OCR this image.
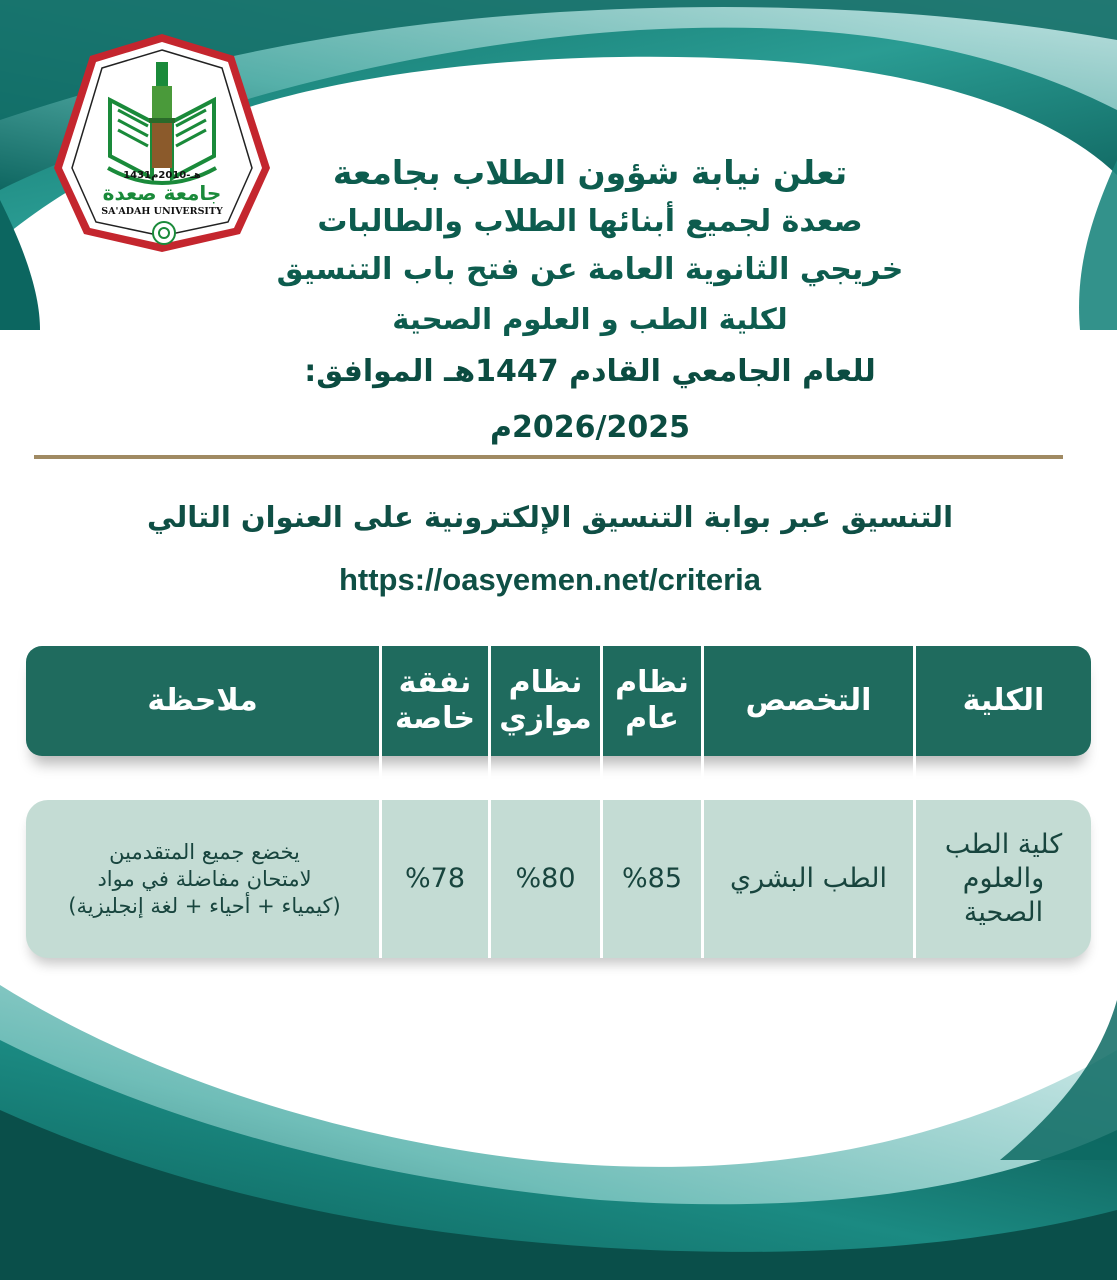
1431هـ-2010م
جامعة صعدة
SA'ADAH UNIVERSITY
تعلن نيابة شؤون الطلاب بجامعة
صعدة لجميع أبنائها الطلاب والطالبات
خريجي الثانوية العامة عن فتح باب التنسيق
لكلية الطب و العلوم الصحية
للعام الجامعي القادم 1447هـ الموافق: 2026/2025م
التنسيق عبر بوابة التنسيق الإلكترونية على العنوان التالي
https://oasyemen.net/criteria
الكلية
التخصص
نظام
عام
نظام
موازي
نفقة
خاصة
ملاحظة
كلية الطب
والعلوم
الصحية
الطب البشري
%85
%80
%78
يخضع جميع المتقدمين
لامتحان مفاضلة في مواد
(كيمياء + أحياء + لغة إنجليزية)
